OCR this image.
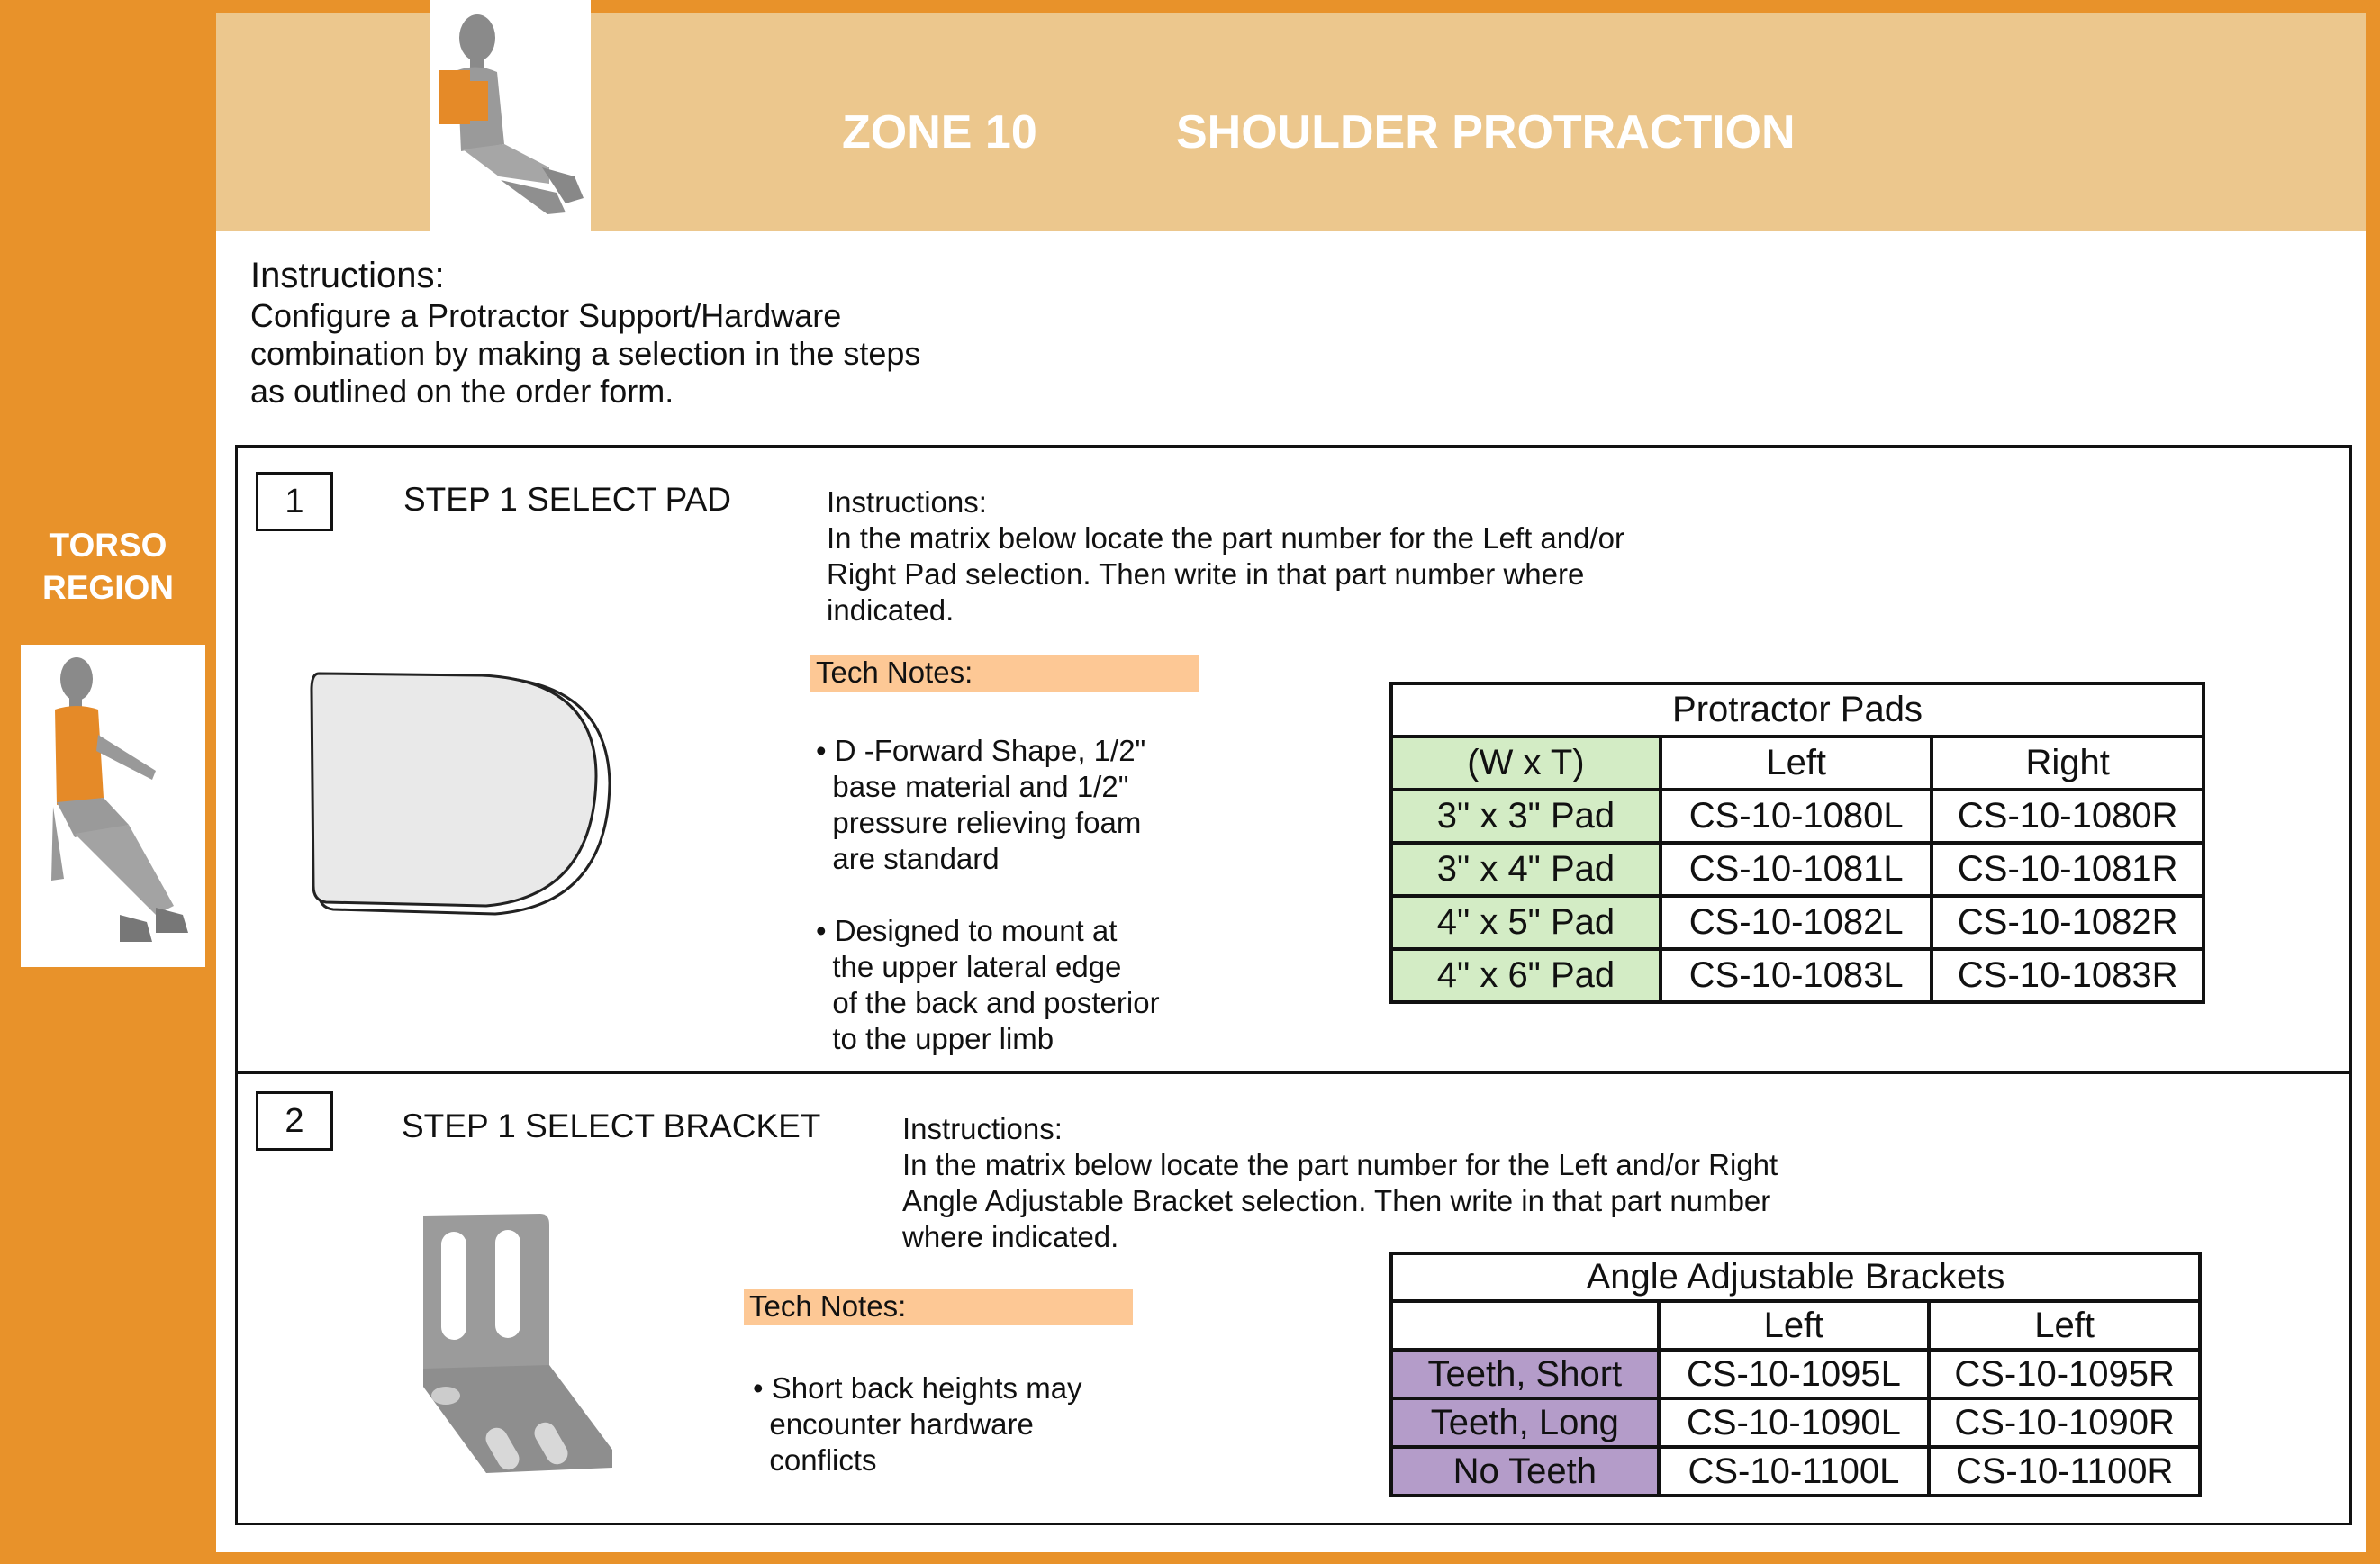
TORSO
REGION
ZONE 10	SHOULDER PROTRACTION
Instructions:
Configure a Protractor Support/Hardware
combination by making a selection in the steps
as outlined on the order form.
1	STEP 1 SELECT PAD	Instructions:
In the matrix below locate the part number for the Left and/or
Right Pad selection. Then write in that part number where
indicated.
Tech Notes:
• D -Forward Shape, 1/2"
base material and 1/2"
pressure relieving foam
are standard
• Designed to mount at
the upper lateral edge
of the back and posterior
to the upper limb
Protractor Pads		
(W x T)	Left	Right
3" x 3" Pad	CS-10-1080L	CS-10-1080R
3" x 4" Pad	CS-10-1081L	CS-10-1081R
4" x 5" Pad	CS-10-1082L	CS-10-1082R
4" x 6" Pad	CS-10-1083L	CS-10-1083R
2	STEP 1 SELECT BRACKET	Instructions:
In the matrix below locate the part number for the Left and/or Right
Angle Adjustable Bracket selection. Then write in that part number
where indicated.
Tech Notes:
• Short back heights may
encounter hardware
conflicts
Angle Adjustable Brackets		
	Left	Left
Teeth, Short	CS-10-1095L	CS-10-1095R
Teeth, Long	CS-10-1090L	CS-10-1090R
No Teeth	CS-10-1100L	CS-10-1100R
